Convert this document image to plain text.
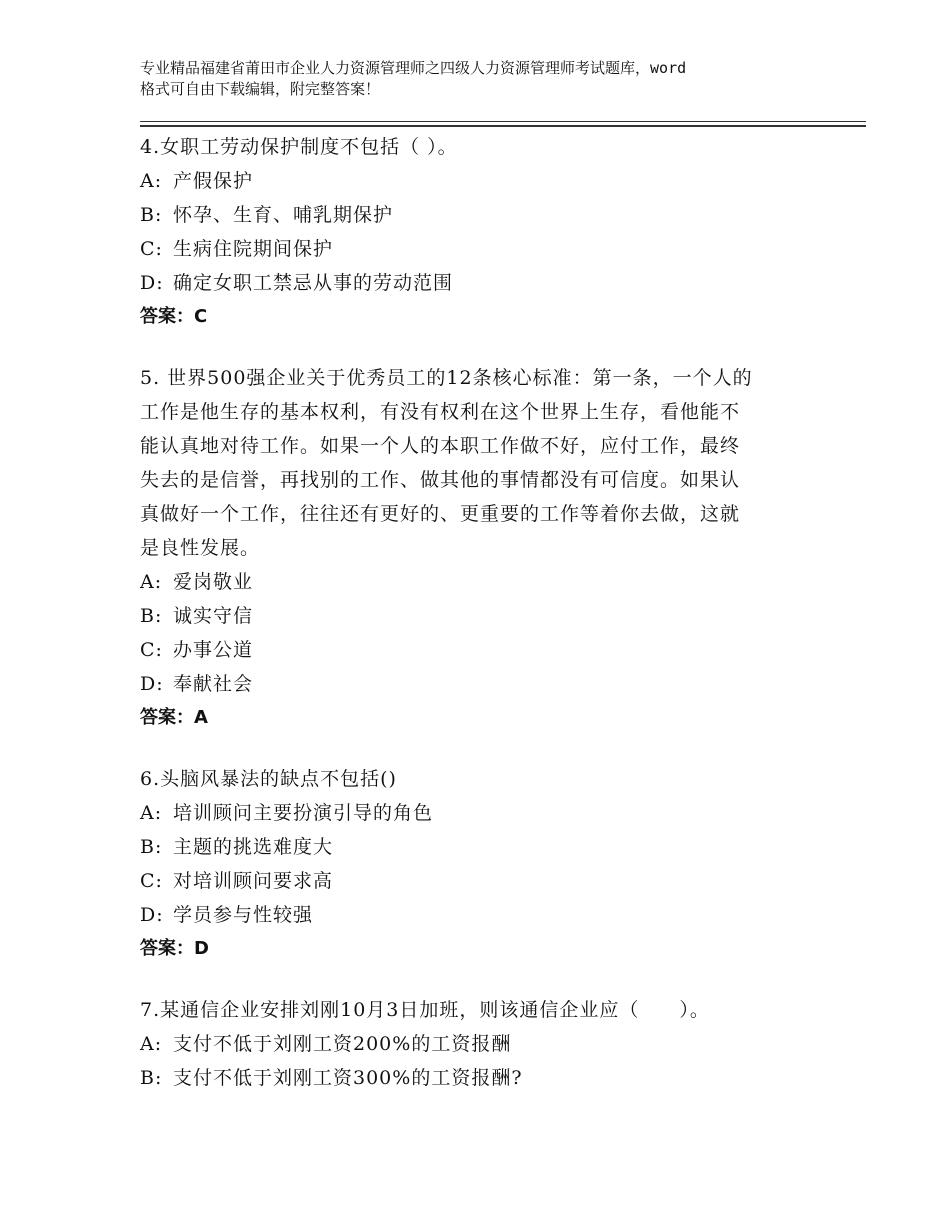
专业精品福建省莆田市企业人力资源管理师之四级人力资源管理师考试题库，word
格式可自由下载编辑，附完整答案！

4.女职工劳动保护制度不包括（ ）。

A: 产假保护

B: 怀孕、生育、哺乳期保护

C: 生病住院期间保护

D: 确定女职工禁忌从事的劳动范围

答案：C

5. 世界500强企业关于优秀员工的12条核心标准：第一条，一个人的

工作是他生存的基本权利，有没有权利在这个世界上生存，看他能不

能认真地对待工作。如果一个人的本职工作做不好，应付工作，最终

失去的是信誉，再找别的工作、做其他的事情都没有可信度。如果认

真做好一个工作，往往还有更好的、更重要的工作等着你去做，这就

是良性发展。

A: 爱岗敬业

B: 诚实守信

C: 办事公道

D: 奉献社会

答案：A

6.头脑风暴法的缺点不包括()

A: 培训顾问主要扮演引导的角色

B: 主题的挑选难度大

C: 对培训顾问要求高

D: 学员参与性较强

答案：D

7.某通信企业安排刘刚10月3日加班，则该通信企业应（　　）。

A: 支付不低于刘刚工资200%的工资报酬

B: 支付不低于刘刚工资300%的工资报酬?
